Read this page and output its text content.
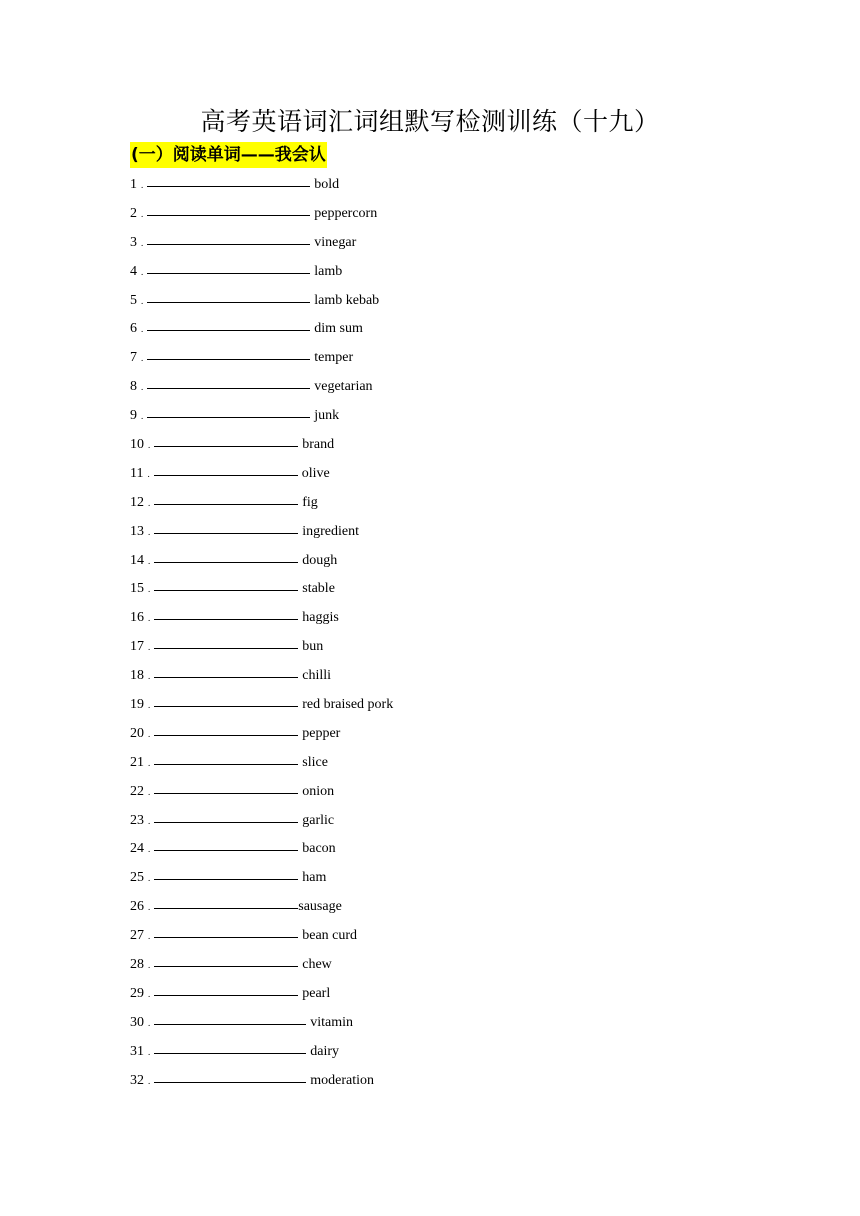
高考英语词汇词组默写检测训练（十九）
(一）阅读单词——我会认
1 .	bold
2 .	peppercorn
3 .	vinegar
4 .	lamb
5 .	lamb kebab
6 .	dim sum
7 .	temper
8 .	vegetarian
9 .	junk
10 .	brand
11 .	olive
12 .	fig
13 .	ingredient
14 .	dough
15 .	stable
16 .	haggis
17 .	bun
18 .	chilli
19 .	red braised pork
20 .	pepper
21 .	slice
22 .	onion
23 .	garlic
24 .	bacon
25 .	ham
26 .	sausage
27 .	bean curd
28 .	chew
29 .	pearl
30 .	vitamin
31 .	dairy
32 .	moderation
